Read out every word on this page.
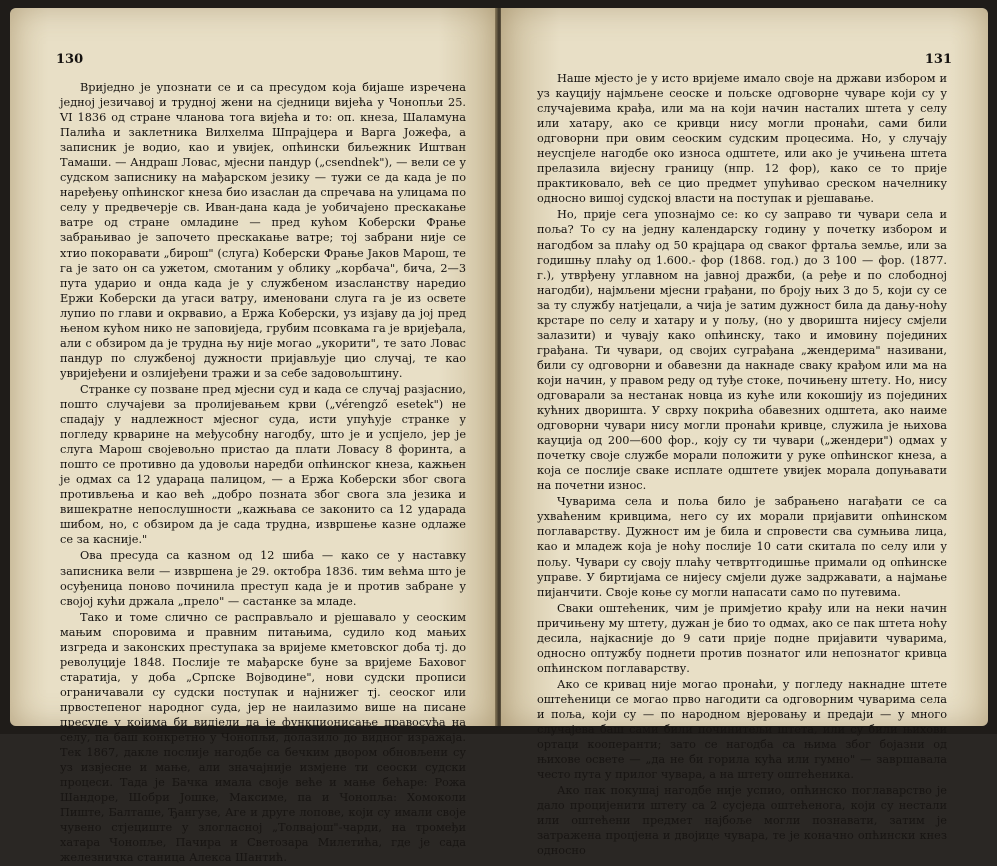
130

Вриједно је упознати се и са пресудом која бијаше изречена једној језичавој и трудној жени на сједници вијећа у Чонопљи 25. VI 1836 од стране чланова тога вијећа и то: оп. кнеза, Шаламуна Палића и заклетника Вилхелма Шпрајцера и Варга Јожефа, а записник је водио, као и увијек, опћински биљежник Иштван Тамаши. — Андраш Ловас, мјесни пандур („csendnek"), — вели се у судском записнику на мађарском језику — тужи се да када је по наређењу опћинског кнеза био изаслан да спречава на улицама по селу у предвечерје св. Иван-дана када је уобичајено прескакање ватре од стране омладине — пред кућом Коберски Фрање забрањивао је започето прескакање ватре; тој забрани није се хтио покоравати „бирош" (слуга) Коберски Фрање Јаков Марош, те га је зато он са ужетом, смотаним у облику „корбача", бича, 2—3 пута ударио и онда када је у службеном изасланству наредио Ержи Коберски да угаси ватру, именовани слуга га је из освете лупио по глави и окрвавио, а Ержа Коберски, уз изјаву да јој пред њеном кућом нико не заповиједа, грубим псовкама га је вријеђала, али с обзиром да је трудна њу није могао „укорити", те зато Ловас пандур по службеној дужности пријављује цио случај, те као увријеђени и озлијеђени тражи и за себе задовољштину.

Странке су позване пред мјесни суд и када се случај разјаснио, пошто случајеви за пролијевањем крви („vérengző esetek") не спадају у надлежност мјесног суда, исти упућује странке у погледу крварине на међусобну нагодбу, што је и успјело, јер је слуга Марош својевољно пристао да плати Ловасу 8 форинта, а пошто се противно да удовољи наредби опћинског кнеза, кажњен је одмах са 12 удараца палицом, — а Ержа Коберски због свога противљења и као већ „добро позната због свога зла језика и вишекратне непослушности „кажњава се законито са 12 ударада шибом, но, с обзиром да је сада трудна, извршење казне одлаже се за касније."

Ова пресуда са казном од 12 шиба — како се у наставку записника вели — извршена је 29. октобра 1836. тим већма што је осуђеница поново починила преступ када је и против забране у својој кући држала „прело" — састанке за младе.

Тако и томе слично се расправљало и рјешавало у сеоским мањим споровима и правним питањима, судило код мањих изгреда и законских преступака за вријеме кметовског доба тј. до револуције 1848. Послије те мађарске буне за вријеме Баховог старатија, у доба „Српске Војводине", нови судски прописи ограничавали су судски поступак и најнижег тј. сеоског или првостепеног народног суда, јер не наилазимо више на писане пресуде у којима би видјели да је функционисање правосуђа на селу, па баш конкретно у Чонопљи, долазило до видног изражаја. Тек 1867, дакле послије нагодбе са бечким двором обновљени су уз извјесне и мање, али значајније измјене ти сеоски судски процеси. Тада је Бачка имала своје веће и мање бећаре: Рожа Шандоре, Шобри Јошке, Максиме, па и Чонопља: Хомоколи Пиште, Балташе, Ђангузе, Аге и друге лопове, који су имали своје чувено стјециште у злогласној „Толвајош"-чарди, на тромеђи хатара Чонопље, Пачира и Светозара Милетића, где је сада железничка станица Алекса Шантић.

131

Наше мјесто је у исто вријеме имало своје на држави избором и уз кауцију најмљене сеоске и пољске одговорне чуваре који су у случајевима крађа, или ма на који начин насталих штета у селу или хатару, ако се кривци нису могли пронаћи, сами били одговорни при овим сеоским судским процесима. Но, у случају неуспјеле нагодбе око износа одштете, или ако је учињена штета прелазила вијесну границу (нпр. 12 фор), како се то прије практиковало, већ се цио предмет упућивао среском начелнику односно вишој судској власти на поступак и рјешавање.

Но, прије сега упознајмо се: ко су заправо ти чувари села и поља? То су на једну календарску годину у почетку избором и нагодбом за плаћу од 50 крајцара од сваког фртаља земље, или за годишњу плаћу од 1.600.- фор (1868. год.) до 3 100 — фор. (1877. г.), утврђену углавном на јавној дражби, (а ређе и по слободној нагодби), најмљени мјесни грађани, по броју њих 3 до 5, који су се за ту службу натјецали, а чија је затим дужност била да дању-ноћу крстаре по селу и хатару и у пољу, (но у дворишта нијесу смјели залазити) и чувају како опћинску, тако и имовину појединих грађана. Ти чувари, од својих суграђана „жендерима" називани, били су одговорни и обавезни да накнаде сваку крађом или ма на који начин, у правом реду од туђе стоке, почињену штету. Но, нису одговарали за нестанак новца из куће или кокошију из појединих кућних дворишта. У сврху покрића обавезних одштета, ако наиме одговорни чувари нису могли пронаћи кривце, служила је њихова кауција од 200—600 фор., коју су ти чувари („жендери") одмах у почетку своје службе морали положити у руке опћинског кнеза, а која се послије сваке исплате одштете увијек морала допуњавати на почетни износ.

Чуварима села и поља било је забрањено нагађати се са ухваћеним кривцима, него су их морали пријавити опћинском поглаварству. Дужност им је била и спровести сва сумњива лица, као и младеж која је ноћу послије 10 сати скитала по селу или у пољу. Чувари су своју плаћу четвртгодишње примали од опћинске управе. У биртијама се нијесу смјели дуже задржавати, а најмање пијанчити. Своје коње су могли напасати само по путевима.

Сваки оштећеник, чим је примјетио крађу или на неки начин причињену му штету, дужан је био то одмах, ако се пак штета ноћу десила, најкасније до 9 сати прије подне пријавити чуварима, односно оптужбу поднети против познатог или непознатог кривца опћинском поглаварству.

Ако се кривац није могао пронаћи, у погледу накнадне штете оштећеници се могао прво нагодити са одговорним чуварима села и поља, који су — по народном вјеровању и предаји — у много случајева баш сами били починитељи штета, или су били њихови ортаци кооперанти; зато се нагодба са њима због бојазни од њихове освете — „да не би горила кућа или гумно" — завршавала често пута у прилог чувара, а на штету оштећеника.

Ако пак покушај нагодбе није успио, опћинско поглаварство је дало процијенити штету са 2 сусједа оштећенога, који су нестали или оштећени предмет најбоље могли познавати, затим је затражена процјена и двојице чувара, те је коначно опћински кнез односно
